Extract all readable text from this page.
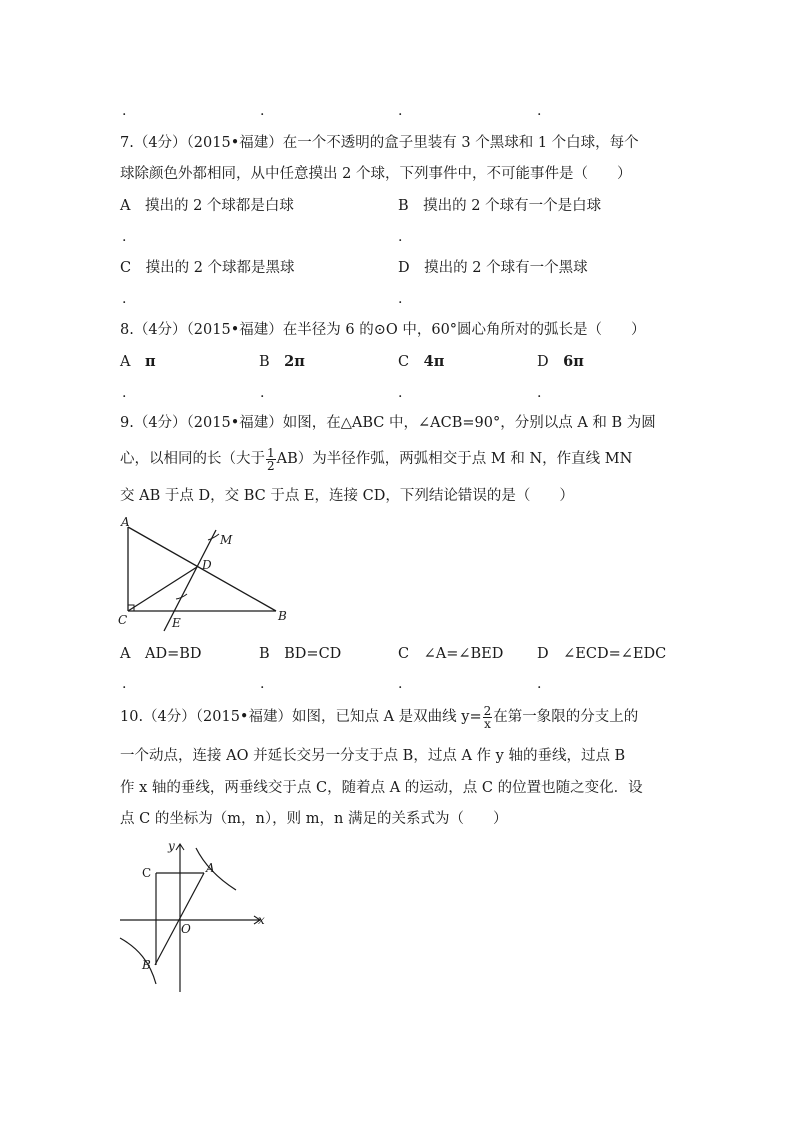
.	.	.	.
7.（4分）（2015•福建）在一个不透明的盒子里装有 3 个黑球和 1 个白球，每个
球除颜色外都相同，从中任意摸出 2 个球，下列事件中，不可能事件是（　　）
A　 摸出的 2 个球都是白球	B　 摸出的 2 个球有一个是白球
.	.
C　 摸出的 2 个球都是黑球	D　 摸出的 2 个球有一个黑球
.	.
8.（4分）（2015•福建）在半径为 6 的⊙O 中，60°圆心角所对的弧长是（　　）
A　 π	B　 2π	C　 4π	D　 6π
.	.	.	.
9.（4分）（2015•福建）如图，在△ABC 中，∠ACB=90°，分别以点 A 和 B 为圆
心，以相同的长（大于 $\frac{1}{2} AB$）为半径作弧，两弧相交于点 M 和 N，作直线 MN
交 AB 于点 D，交 BC 于点 E，连接 CD，下列结论错误的是（　　）
A
B
C
D
E
M
A　 AD=BD	B　 BD=CD	C　 ∠A=∠BED D　 ∠ECD=∠EDC
.	.	.	.
10.（4分）（2015•福建）如图，已知点 A 是双曲线 $y= \frac{2}{x}$ 在第一象限的分支上的
一个动点，连接 AO 并延长交另一分支于点 B，过点 A 作 y 轴的垂线，过点 B
作 x 轴的垂线，两垂线交于点 C，随着点 A 的运动，点 C 的位置也随之变化．设
点 C 的坐标为（m，n），则 m，n 满足的关系式为（　　）
A
B
C
O
x
y
